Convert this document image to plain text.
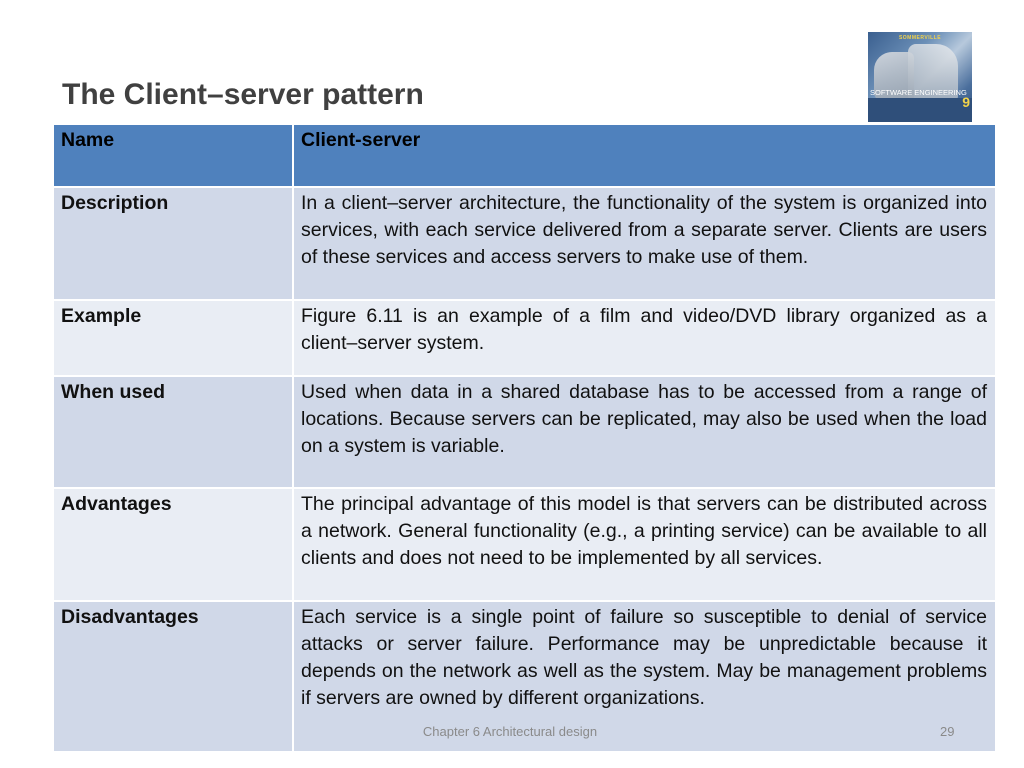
The Client–server pattern
SOMMERVILLE
SOFTWARE ENGINEERING
9
Name	Client-server
Description	In a client–server architecture, the functionality of the system is organized into services, with each service delivered from a separate server. Clients are users of these services and access servers to make use of them.
Example	Figure 6.11 is an example of a film and video/DVD library organized as a client–server system.
When used	Used when data in a shared database has to be accessed from a range of locations. Because servers can be replicated, may also be used when the load on a system is variable.
Advantages	The principal advantage of this model is that servers can be distributed across a network. General functionality (e.g., a printing service) can be available to all clients and does not need to be implemented by all services.
Disadvantages	Each service is a single point of failure so susceptible to denial of service attacks or server failure. Performance may be unpredictable because it depends on the network as well as the system. May be management problems if servers are owned by different organizations.
Chapter 6 Architectural design	29
